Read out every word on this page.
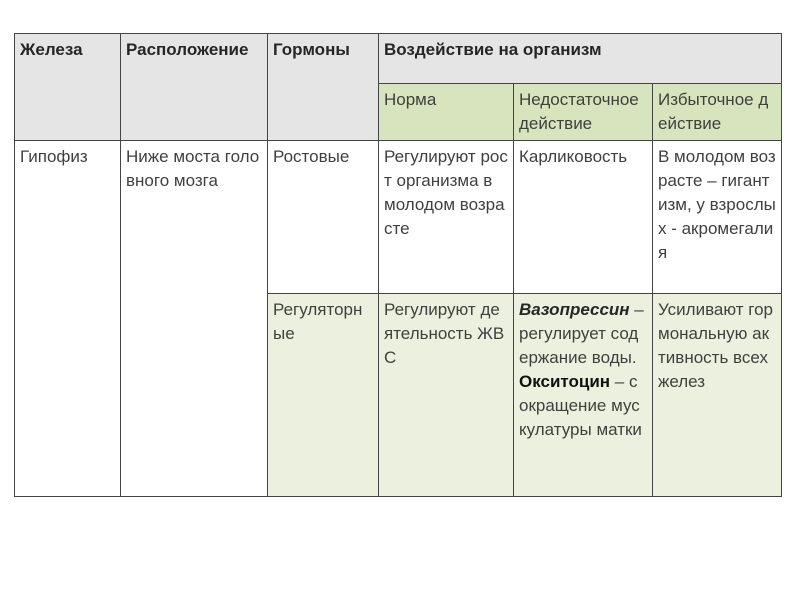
Железа	Расположение	Гормоны	Воздействие на организм		
			Норма	Недостаточное действие	Избыточное действие
Гипофиз	Ниже моста головного мозга	Ростовые	Регулируют рост организма в молодом возрасте	Карликовость	В молодом возрасте – гигантизм, у взрослых - акромегалия
		Регуляторные	Регулируют деятельность ЖВС	Вазопрессин – регулирует содержание воды. Окситоцин – сокращение мускулатуры матки	Усиливают гормональную активность всех желез
